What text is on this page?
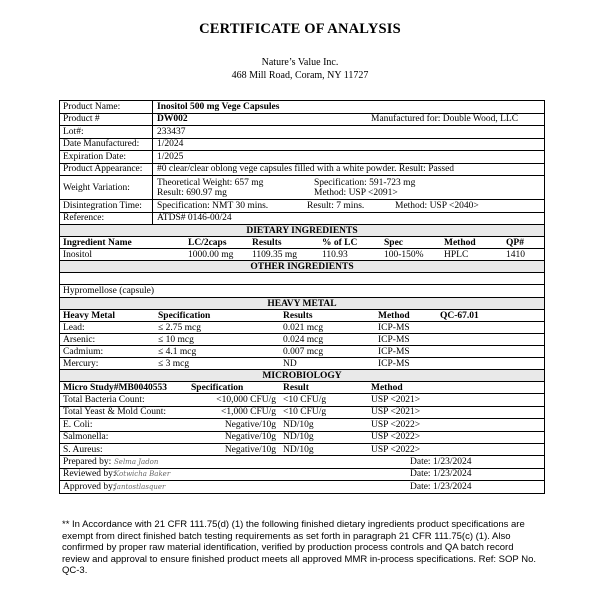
CERTIFICATE OF ANALYSIS
Nature’s Value Inc.
468 Mill Road, Coram, NY 11727
Product Name:	Inositol 500 mg Vege Capsules
Product #	DW002	Manufactured for: Double Wood, LLC
Lot#:	233437
Date Manufactured:	1/2024
Expiration Date:	1/2025
Product Appearance:	#0 clear/clear oblong vege capsules filled with a white powder. Result: Passed
Weight Variation:	Theoretical Weight: 657 mg	Specification: 591-723 mg
Result: 690.97 mg	Method: USP <2091>
Disintegration Time:	Specification: NMT 30 mins.	Result: 7 mins.	Method: USP <2040>
Reference:	ATDS# 0146-00/24
DIETARY INGREDIENTS
Ingredient Name	LC/2caps	Results	% of LC	Spec	Method	QP#
Inositol	1000.00 mg	1109.35 mg	110.93	100-150%	HPLC	1410
OTHER INGREDIENTS
Hypromellose (capsule)
HEAVY METAL
Heavy Metal	Specification	Results	Method	QC-67.01
Lead:	≤ 2.75 mcg	0.021 mcg	ICP-MS
Arsenic:	≤ 10 mcg	0.024 mcg	ICP-MS
Cadmium:	≤ 4.1 mcg	0.007 mcg	ICP-MS
Mercury:	≤ 3 mcg	ND	ICP-MS
MICROBIOLOGY
Micro Study#MB0040553	Specification	Result	Method
Total Bacteria Count:	<10,000 CFU/g <10 CFU/g	USP <2021>
Total Yeast & Mold Count:	<1,000 CFU/g <10 CFU/g	USP <2021>
E. Coli:	Negative/10g ND/10g	USP <2022>
Salmonella:	Negative/10g ND/10g	USP <2022>
S. Aureus:	Negative/10g ND/10g	USP <2022>
Prepared by: Selma Jadon	Date: 1/23/2024
Reviewed by:
Kotwicha Baker	Date: 1/23/2024
Approved by:
Jantostlasquer	Date: 1/23/2024
** In Accordance with 21 CFR 111.75(d) (1) the following finished dietary ingredients product specifications are exempt from direct finished batch testing requirements as set forth in paragraph 21 CFR 111.75(c) (1). Also confirmed by proper raw material identification, verified by production process controls and QA batch record review and approval to ensure finished product meets all approved MMR in-process specifications. Ref: SOP No. QC-3.
